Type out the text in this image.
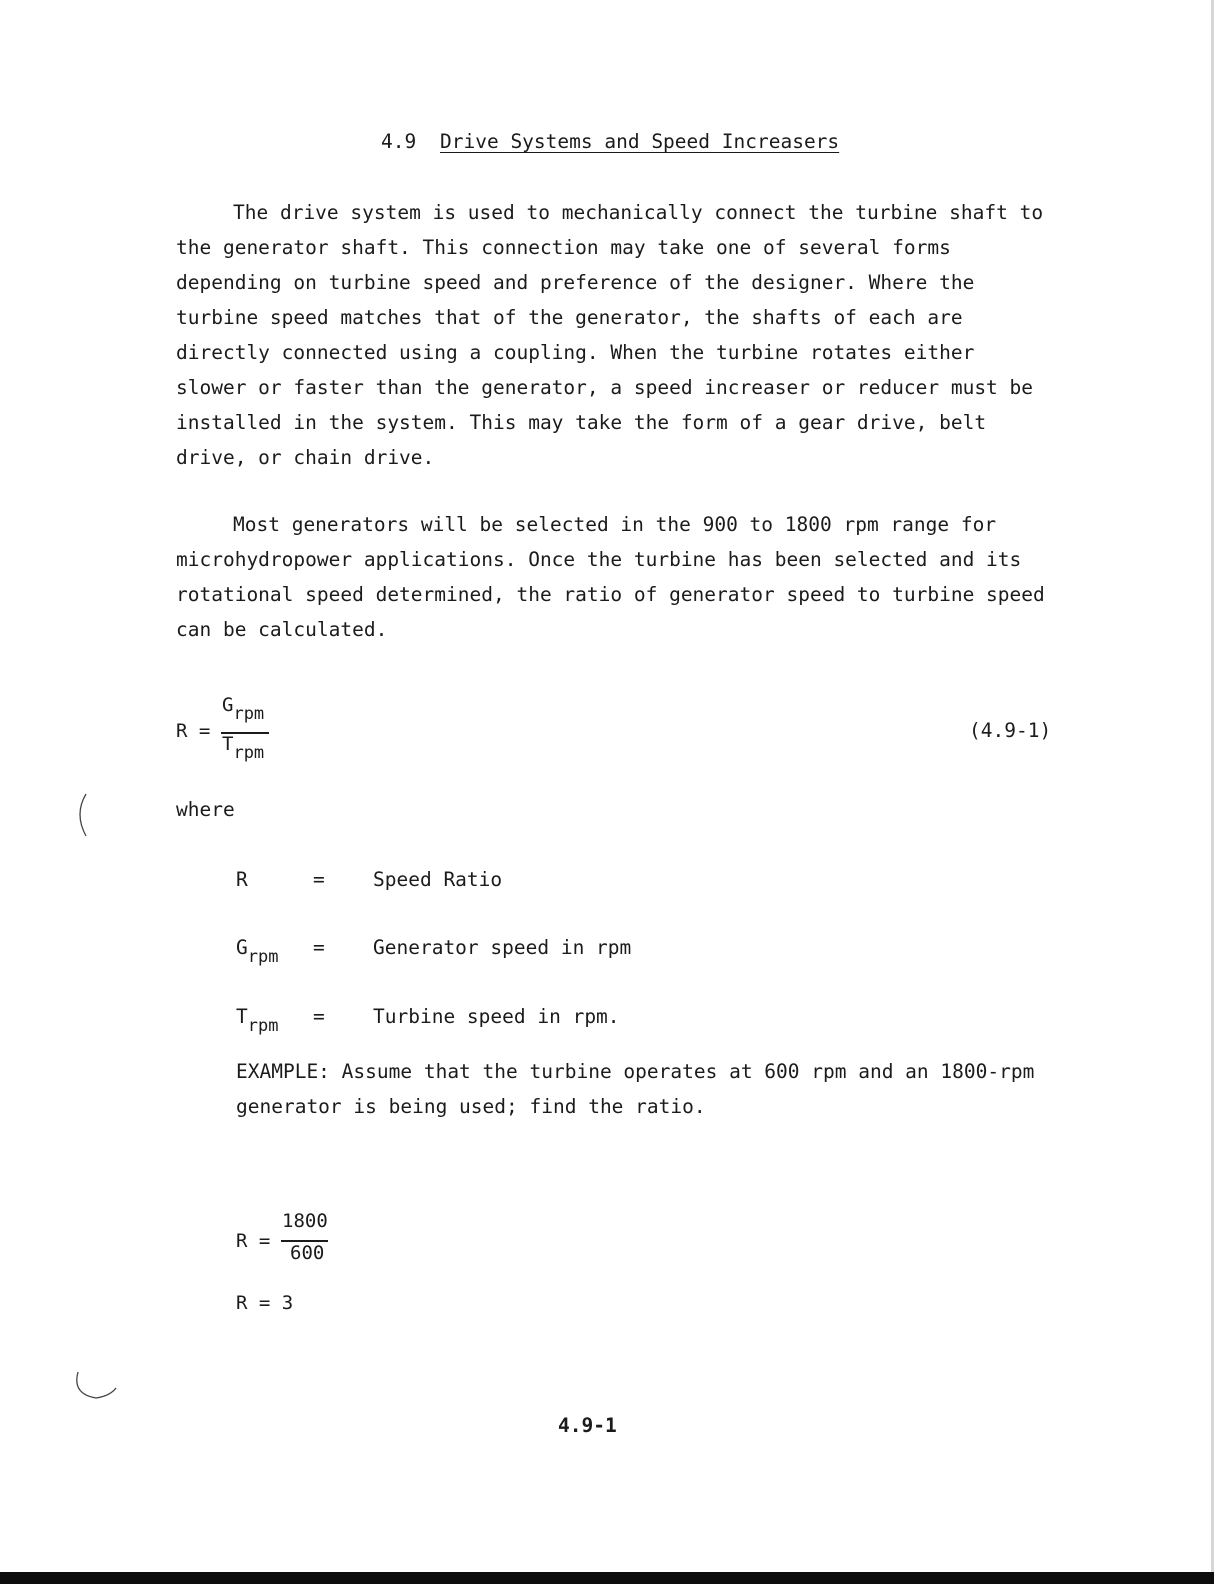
4.9 Drive Systems and Speed Increasers
The drive system is used to mechanically connect the turbine shaft to
the generator shaft. This connection may take one of several forms
depending on turbine speed and preference of the designer. Where the
turbine speed matches that of the generator, the shafts of each are
directly connected using a coupling. When the turbine rotates either
slower or faster than the generator, a speed increaser or reducer must be
installed in the system. This may take the form of a gear drive, belt
drive, or chain drive.
Most generators will be selected in the 900 to 1800 rpm range for
microhydropower applications. Once the turbine has been selected and its
rotational speed determined, the ratio of generator speed to turbine speed
can be calculated.
R =
Grpm
Trpm
(4.9-1)
where
R	= Speed Ratio
Grpm = Generator speed in rpm
Trpm = Turbine speed in rpm.
EXAMPLE: Assume that the turbine operates at 600 rpm and an 1800-rpm
generator is being used; find the ratio.
R =
1800
600
R = 3
4.9-1
